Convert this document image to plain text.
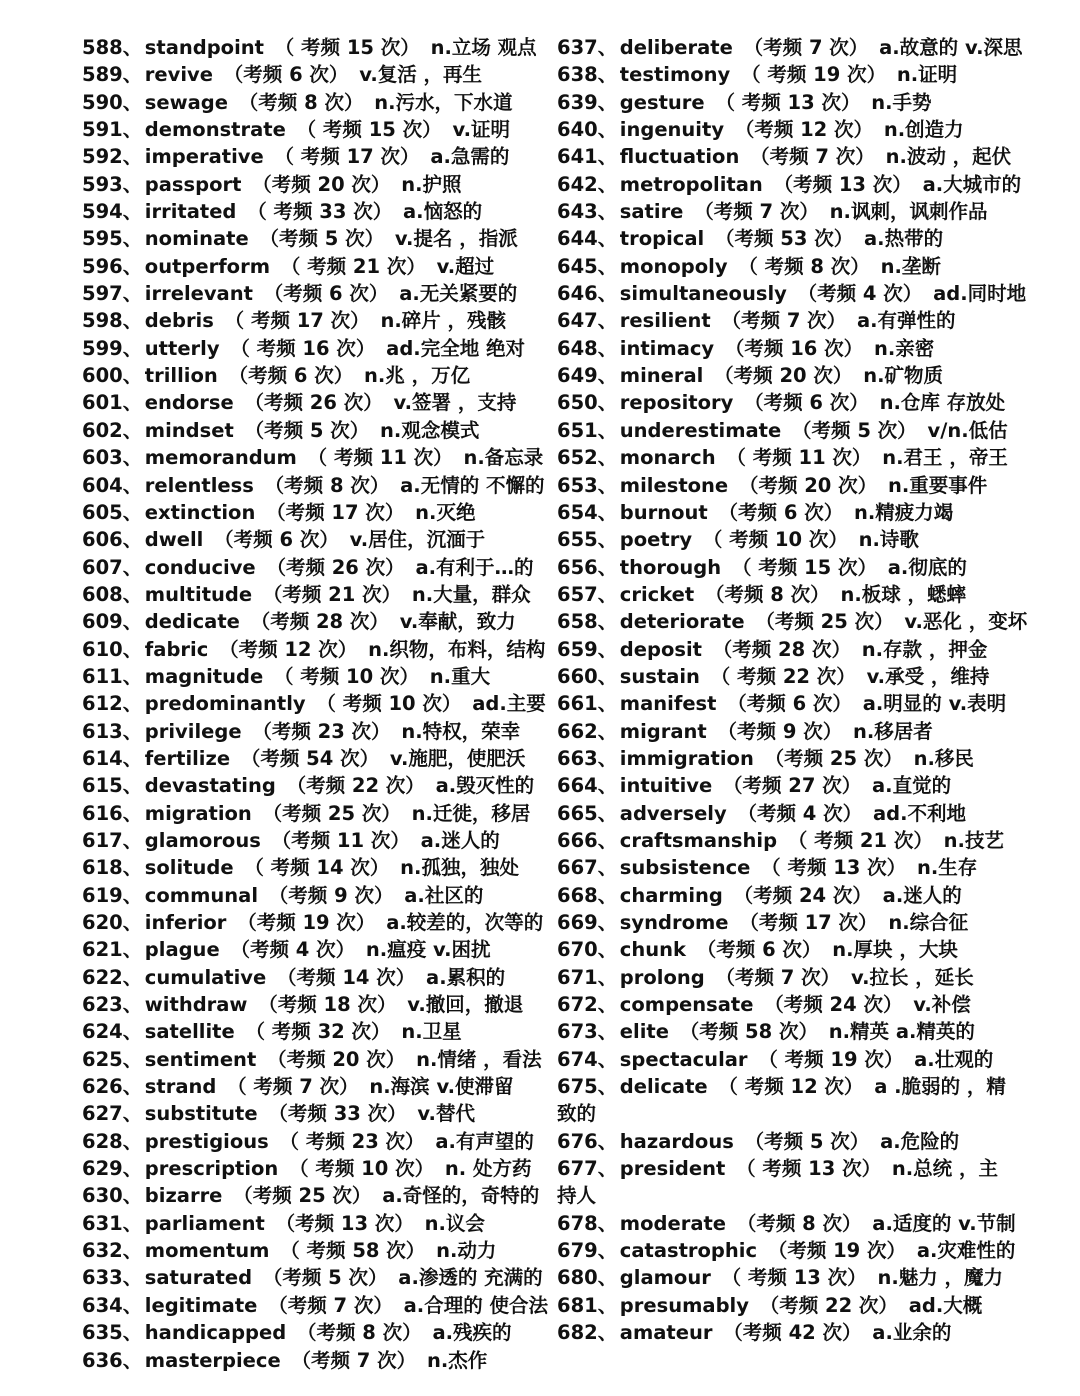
588、 standpoint （ 考频 15 次） n.立场 观点
589、 revive （考频 6 次） v.复活 ，再生
590、 sewage （考频 8 次） n.污水，下水道
591、 demonstrate （ 考频 15 次） v.证明
592、 imperative （ 考频 17 次） a.急需的
593、 passport （考频 20 次） n.护照
594、 irritated （ 考频 33 次） a.恼怒的
595、 nominate （考频 5 次） v.提名 ，指派
596、 outperform （ 考频 21 次） v.超过
597、 irrelevant （考频 6 次） a.无关紧要的
598、 debris （ 考频 17 次） n.碎片 ，残骸
599、 utterly （ 考频 16 次） ad.完全地 绝对
600、 trillion （考频 6 次） n.兆 ，万亿
601、 endorse （考频 26 次） v.签署 ，支持
602、 mindset （考频 5 次） n.观念模式
603、 memorandum （ 考频 11 次） n.备忘录
604、 relentless （考频 8 次） a.无情的 不懈的
605、 extinction （考频 17 次） n.灭绝
606、 dwell （考频 6 次） v.居住，沉湎于
607、 conducive （考频 26 次） a.有利于…的
608、 multitude （考频 21 次） n.大量，群众
609、 dedicate （考频 28 次） v.奉献，致力
610、 fabric （考频 12 次） n.织物，布料，结构
611、 magnitude （ 考频 10 次） n.重大
612、 predominantly （ 考频 10 次） ad.主要
613、 privilege （考频 23 次） n.特权，荣幸
614、 fertilize （考频 54 次） v.施肥，使肥沃
615、 devastating （考频 22 次） a.毁灭性的
616、 migration （考频 25 次） n.迁徙，移居
617、 glamorous （考频 11 次） a.迷人的
618、 solitude （ 考频 14 次） n.孤独，独处
619、 communal （考频 9 次） a.社区的
620、 inferior （考频 19 次） a.较差的，次等的
621、 plague （考频 4 次） n.瘟疫 v.困扰
622、 cumulative （考频 14 次） a.累积的
623、 withdraw （考频 18 次） v.撤回，撤退
624、 satellite （ 考频 32 次） n.卫星
625、 sentiment （考频 20 次） n.情绪 ，看法
626、 strand （ 考频 7 次） n.海滨 v.使滞留
627、 substitute （考频 33 次） v.替代
628、 prestigious （ 考频 23 次） a.有声望的
629、 prescription （ 考频 10 次） n. 处方药
630、 bizarre （考频 25 次） a.奇怪的，奇特的
631、 parliament （考频 13 次） n.议会
632、 momentum （ 考频 58 次） n.动力
633、 saturated （考频 5 次） a.渗透的 充满的
634、 legitimate （考频 7 次） a.合理的 使合法
635、 handicapped （考频 8 次） a.残疾的
636、 masterpiece （考频 7 次） n.杰作
637、 deliberate （考频 7 次） a.故意的 v.深思
638、 testimony （ 考频 19 次） n.证明
639、 gesture （ 考频 13 次） n.手势
640、 ingenuity （考频 12 次） n.创造力
641、 fluctuation （考频 7 次） n.波动 ，起伏
642、 metropolitan （考频 13 次） a.大城市的
643、 satire （考频 7 次） n.讽刺，讽刺作品
644、 tropical （考频 53 次） a.热带的
645、 monopoly （ 考频 8 次） n.垄断
646、 simultaneously （考频 4 次） ad.同时地
647、 resilient （考频 7 次） a.有弹性的
648、 intimacy （考频 16 次） n.亲密
649、 mineral （考频 20 次） n.矿物质
650、 repository （考频 6 次） n.仓库 存放处
651、 underestimate （考频 5 次） v/n.低估
652、 monarch （ 考频 11 次） n.君王 ，帝王
653、 milestone （考频 20 次） n.重要事件
654、 burnout （考频 6 次） n.精疲力竭
655、 poetry （ 考频 10 次） n.诗歌
656、 thorough （ 考频 15 次） a.彻底的
657、 cricket （考频 8 次） n.板球 ，蟋蟀
658、 deteriorate （考频 25 次） v.恶化 ，变坏
659、 deposit （考频 28 次） n.存款 ，押金
660、 sustain （ 考频 22 次） v.承受 ，维持
661、 manifest （考频 6 次） a.明显的 v.表明
662、 migrant （考频 9 次） n.移居者
663、 immigration （考频 25 次） n.移民
664、 intuitive （考频 27 次） a.直觉的
665、 adversely （考频 4 次） ad.不利地
666、 craftsmanship （ 考频 21 次） n.技艺
667、 subsistence （ 考频 13 次） n.生存
668、 charming （考频 24 次） a.迷人的
669、 syndrome （考频 17 次） n.综合征
670、 chunk （考频 6 次） n.厚块 ，大块
671、 prolong （考频 7 次） v.拉长 ，延长
672、 compensate （考频 24 次） v.补偿
673、 elite （考频 58 次） n.精英 a.精英的
674、 spectacular （ 考频 19 次） a.壮观的
675、 delicate （ 考频 12 次） a .脆弱的 ，精致的
676、 hazardous （考频 5 次） a.危险的
677、 president （ 考频 13 次） n.总统 ，主持人
678、 moderate （考频 8 次） a.适度的 v.节制
679、 catastrophic （考频 19 次） a.灾难性的
680、 glamour （ 考频 13 次） n.魅力 ，魔力
681、 presumably （考频 22 次） ad.大概
682、 amateur （考频 42 次） a.业余的
